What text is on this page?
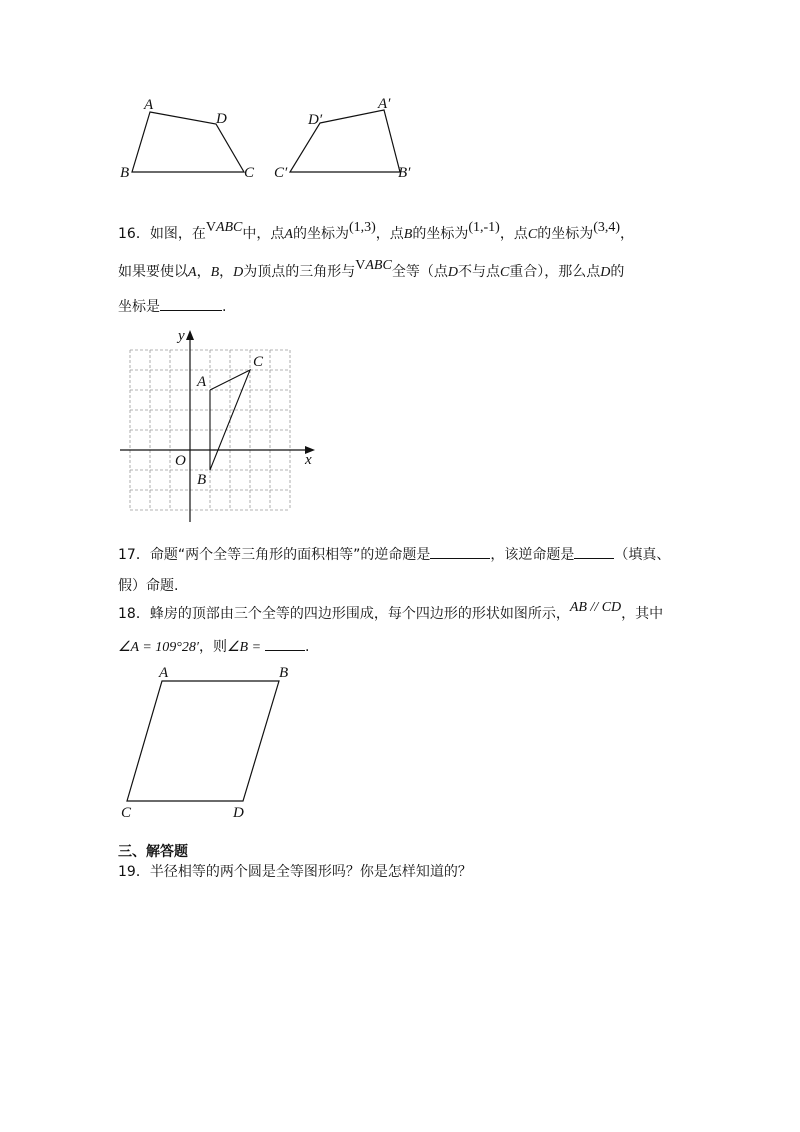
A
D
B	C
D′
A′
C′	B′
16．如图，在VABC中，点A的坐标为(1,3)，点B的坐标为(1,-1)，点C的坐标为(3,4)，
如果要使以A，B，D为顶点的三角形与VABC全等（点D不与点C重合），那么点D的
坐标是	.
y
x
O
A
B
C
17．命题“两个全等三角形的面积相等”的逆命题是	，该逆命题是	（填真、
假）命题.
18．蜂房的顶部由三个全等的四边形围成，每个四边形的形状如图所示，AB // CD，其中
∠A = 109°28′，则∠B =	.
A	B
C	D
三、解答题
19．半径相等的两个圆是全等图形吗？你是怎样知道的？
